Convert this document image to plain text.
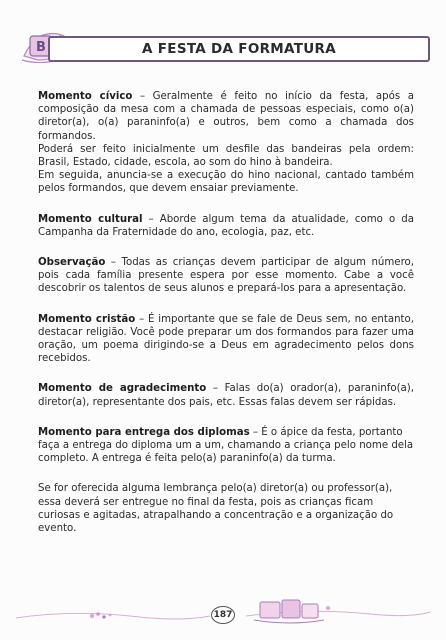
B	A FESTA DA FORMATURA

Momento cívico – Geralmente é feito no início da festa, após a composição da mesa com a chamada de pessoas especiais, como o(a) diretor(a), o(a) paraninfo(a) e outros, bem como a chamada dos formandos.

Poderá ser feito inicialmente um desfile das bandeiras pela ordem: Brasil, Estado, cidade, escola, ao som do hino à bandeira.

Em seguida, anuncia-se a execução do hino nacional, cantado também pelos formandos, que devem ensaiar previamente.

Momento cultural – Aborde algum tema da atualidade, como o da Campanha da Fraternidade do ano, ecologia, paz, etc.

Observação – Todas as crianças devem participar de algum número, pois cada família presente espera por esse momento. Cabe a você descobrir os talentos de seus alunos e prepará-los para a apresentação.

Momento cristão – É importante que se fale de Deus sem, no entanto, destacar religião. Você pode preparar um dos formandos para fazer uma oração, um poema dirigindo-se a Deus em agradecimento pelos dons recebidos.

Momento de agradecimento – Falas do(a) orador(a), paraninfo(a), diretor(a), representante dos pais, etc. Essas falas devem ser rápidas.

Momento para entrega dos diplomas – É o ápice da festa, portanto faça a entrega do diploma um a um, chamando a criança pelo nome dela completo. A entrega é feita pelo(a) paraninfo(a) da turma.

Se for oferecida alguma lembrança pelo(a) diretor(a) ou professor(a), essa deverá ser entregue no final da festa, pois as crianças ficam curiosas e agitadas, atrapalhando a concentração e a organização do evento.

187
